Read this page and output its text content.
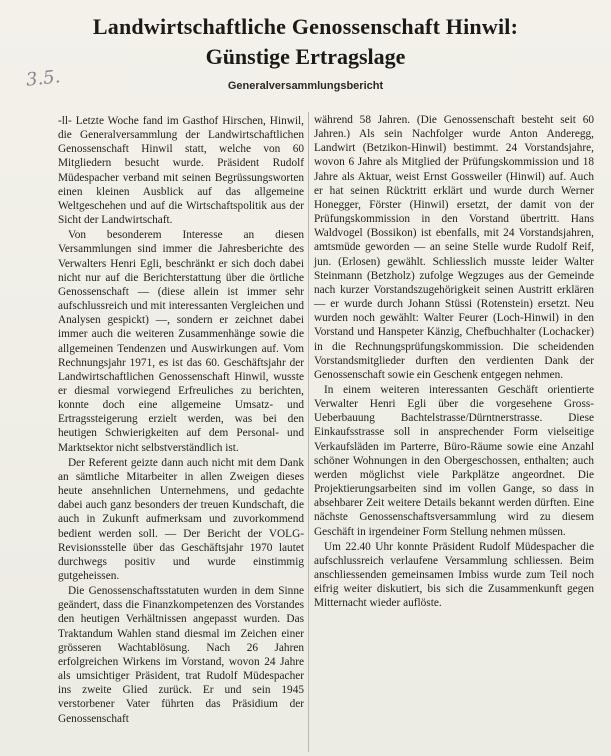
3.5.
Landwirtschaftliche Genossenschaft Hinwil:
Günstige Ertragslage
Generalversammlungsbericht

-ll- Letzte Woche fand im Gasthof Hirschen, Hinwil, die Generalversammlung der Landwirtschaftlichen Genossenschaft Hinwil statt, welche von 60 Mitgliedern besucht wurde. Präsident Rudolf Müdespacher verband mit seinen Begrüssungsworten einen kleinen Ausblick auf das allgemeine Weltgeschehen und auf die Wirtschaftspolitik aus der Sicht der Landwirtschaft.

Von besonderem Interesse an diesen Versammlungen sind immer die Jahresberichte des Verwalters Henri Egli, beschränkt er sich doch dabei nicht nur auf die Berichterstattung über die örtliche Genossenschaft — (diese allein ist immer sehr aufschlussreich und mit interessanten Vergleichen und Analysen gespickt) —, sondern er zeichnet dabei immer auch die weiteren Zusammenhänge sowie die allgemeinen Tendenzen und Auswirkungen auf. Vom Rechnungsjahr 1971, es ist das 60. Geschäftsjahr der Landwirtschaftlichen Genossenschaft Hinwil, wusste er diesmal vorwiegend Erfreuliches zu berichten, konnte doch eine allgemeine Umsatz- und Ertragssteigerung erzielt werden, was bei den heutigen Schwierigkeiten auf dem Personal- und Marktsektor nicht selbstverständlich ist.

Der Referent geizte dann auch nicht mit dem Dank an sämtliche Mitarbeiter in allen Zweigen dieses heute ansehnlichen Unternehmens, und gedachte dabei auch ganz besonders der treuen Kundschaft, die auch in Zukunft aufmerksam und zuvorkommend bedient werden soll. — Der Bericht der VOLG-Revisionsstelle über das Geschäftsjahr 1970 lautet durchwegs positiv und wurde einstimmig gutgeheissen.

Die Genossenschaftsstatuten wurden in dem Sinne geändert, dass die Finanzkompetenzen des Vorstandes den heutigen Verhältnissen angepasst wurden. Das Traktandum Wahlen stand diesmal im Zeichen einer grösseren Wachtablösung. Nach 26 Jahren erfolgreichen Wirkens im Vorstand, wovon 24 Jahre als umsichtiger Präsident, trat Rudolf Müdespacher ins zweite Glied zurück. Er und sein 1945 verstorbener Vater führten das Präsidium der Genossenschaft

während 58 Jahren. (Die Genossenschaft besteht seit 60 Jahren.) Als sein Nachfolger wurde Anton Anderegg, Landwirt (Betzikon-Hinwil) bestimmt. 24 Vorstandsjahre, wovon 6 Jahre als Mitglied der Prüfungskommission und 18 Jahre als Aktuar, weist Ernst Gossweiler (Hinwil) auf. Auch er hat seinen Rücktritt erklärt und wurde durch Werner Honegger, Förster (Hinwil) ersetzt, der damit von der Prüfungskommission in den Vorstand übertritt. Hans Waldvogel (Bossikon) ist ebenfalls, mit 24 Vorstandsjahren, amtsmüde geworden — an seine Stelle wurde Rudolf Reif, jun. (Erlosen) gewählt. Schliesslich musste leider Walter Steinmann (Betzholz) zufolge Wegzuges aus der Gemeinde nach kurzer Vorstandszugehörigkeit seinen Austritt erklären — er wurde durch Johann Stüssi (Rotenstein) ersetzt. Neu wurden noch gewählt: Walter Feurer (Loch-Hinwil) in den Vorstand und Hanspeter Känzig, Chefbuchhalter (Lochacker) in die Rechnungsprüfungskommission. Die scheidenden Vorstandsmitglieder durften den verdienten Dank der Genossenschaft sowie ein Geschenk entgegen nehmen.

In einem weiteren interessanten Geschäft orientierte Verwalter Henri Egli über die vorgesehene Gross-Ueberbauung Bachtelstrasse/Dürntnerstrasse. Diese Einkaufsstrasse soll in ansprechender Form vielseitige Verkaufsläden im Parterre, Büro-Räume sowie eine Anzahl schöner Wohnungen in den Obergeschossen, enthalten; auch werden möglichst viele Parkplätze angeordnet. Die Projektierungsarbeiten sind im vollen Gange, so dass in absehbarer Zeit weitere Details bekannt werden dürften. Eine nächste Genossenschaftsversammlung wird zu diesem Geschäft in irgendeiner Form Stellung nehmen müssen.

Um 22.40 Uhr konnte Präsident Rudolf Müdespacher die aufschlussreich verlaufene Versammlung schliessen. Beim anschliessenden gemeinsamen Imbiss wurde zum Teil noch eifrig weiter diskutiert, bis sich die Zusammenkunft gegen Mitternacht wieder auflöste.
